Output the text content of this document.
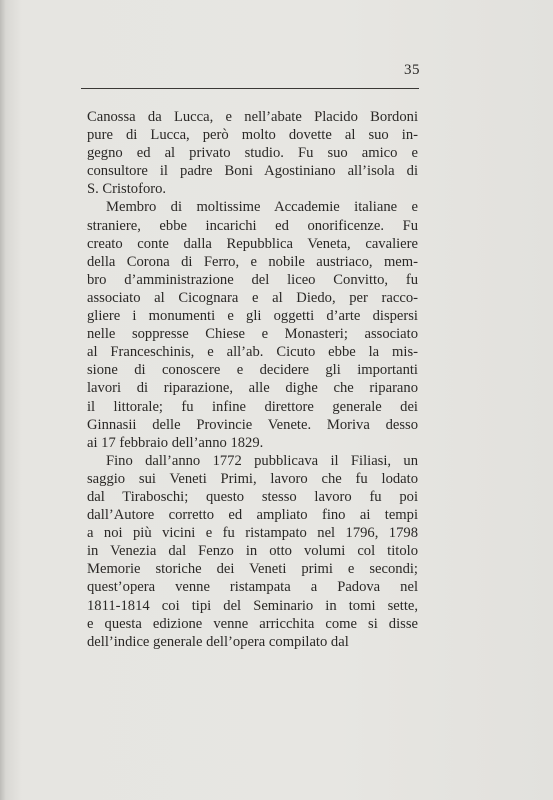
35
Canossa da Lucca, e nell’abate Placido Bordoni
pure di Lucca, però molto dovette al suo in-
gegno ed al privato studio. Fu suo amico e
consultore il padre Boni Agostiniano all’isola di
S. Cristoforo.
Membro di moltissime Accademie italiane e
straniere, ebbe incarichi ed onorificenze. Fu
creato conte dalla Repubblica Veneta, cavaliere
della Corona di Ferro, e nobile austriaco, mem-
bro d’amministrazione del liceo Convitto, fu
associato al Cicognara e al Diedo, per racco-
gliere i monumenti e gli oggetti d’arte dispersi
nelle soppresse Chiese e Monasteri; associato
al Franceschinis, e all’ab. Cicuto ebbe la mis-
sione di conoscere e decidere gli importanti
lavori di riparazione, alle dighe che riparano
il littorale; fu infine direttore generale dei
Ginnasii delle Provincie Venete. Moriva desso
ai 17 febbraio dell’anno 1829.
Fino dall’anno 1772 pubblicava il Filiasi, un
saggio sui Veneti Primi, lavoro che fu lodato
dal Tiraboschi; questo stesso lavoro fu poi
dall’Autore corretto ed ampliato fino ai tempi
a noi più vicini e fu ristampato nel 1796, 1798
in Venezia dal Fenzo in otto volumi col titolo
Memorie storiche dei Veneti primi e secondi;
quest’opera venne ristampata a Padova nel
1811-1814 coi tipi del Seminario in tomi sette,
e questa edizione venne arricchita come si disse
dell’indice generale dell’opera compilato dal
